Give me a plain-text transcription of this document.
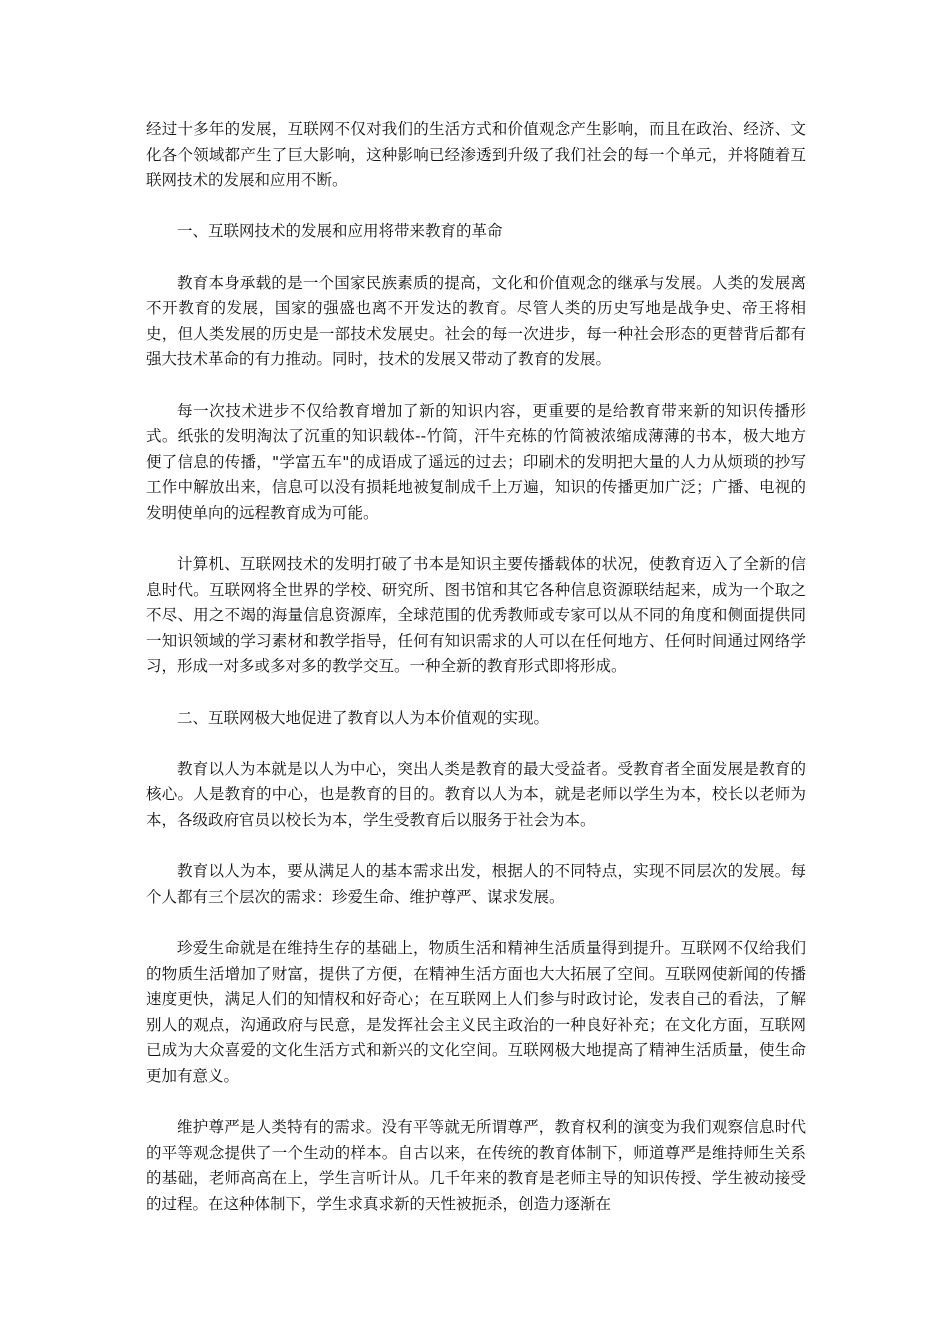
经过十多年的发展，互联网不仅对我们的生活方式和价值观念产生影响，而且在政治、经济、文化各个领域都产生了巨大影响，这种影响已经渗透到升级了我们社会的每一个单元，并将随着互联网技术的发展和应用不断。

一、互联网技术的发展和应用将带来教育的革命

教育本身承载的是一个国家民族素质的提高，文化和价值观念的继承与发展。人类的发展离不开教育的发展，国家的强盛也离不开发达的教育。尽管人类的历史写地是战争史、帝王将相史，但人类发展的历史是一部技术发展史。社会的每一次进步，每一种社会形态的更替背后都有强大技术革命的有力推动。同时，技术的发展又带动了教育的发展。

每一次技术进步不仅给教育增加了新的知识内容，更重要的是给教育带来新的知识传播形式。纸张的发明淘汰了沉重的知识载体--竹简，汗牛充栋的竹简被浓缩成薄薄的书本，极大地方便了信息的传播，"学富五车"的成语成了遥远的过去；印刷术的发明把大量的人力从烦琐的抄写工作中解放出来，信息可以没有损耗地被复制成千上万遍，知识的传播更加广泛；广播、电视的发明使单向的远程教育成为可能。

计算机、互联网技术的发明打破了书本是知识主要传播载体的状况，使教育迈入了全新的信息时代。互联网将全世界的学校、研究所、图书馆和其它各种信息资源联结起来，成为一个取之不尽、用之不竭的海量信息资源库，全球范围的优秀教师或专家可以从不同的角度和侧面提供同一知识领域的学习素材和教学指导，任何有知识需求的人可以在任何地方、任何时间通过网络学习，形成一对多或多对多的教学交互。一种全新的教育形式即将形成。

二、互联网极大地促进了教育以人为本价值观的实现。

教育以人为本就是以人为中心，突出人类是教育的最大受益者。受教育者全面发展是教育的核心。人是教育的中心，也是教育的目的。教育以人为本，就是老师以学生为本，校长以老师为本，各级政府官员以校长为本，学生受教育后以服务于社会为本。

教育以人为本，要从满足人的基本需求出发，根据人的不同特点，实现不同层次的发展。每个人都有三个层次的需求：珍爱生命、维护尊严、谋求发展。

珍爱生命就是在维持生存的基础上，物质生活和精神生活质量得到提升。互联网不仅给我们的物质生活增加了财富，提供了方便，在精神生活方面也大大拓展了空间。互联网使新闻的传播速度更快，满足人们的知情权和好奇心；在互联网上人们参与时政讨论，发表自己的看法，了解别人的观点，沟通政府与民意，是发挥社会主义民主政治的一种良好补充；在文化方面，互联网已成为大众喜爱的文化生活方式和新兴的文化空间。互联网极大地提高了精神生活质量，使生命更加有意义。

维护尊严是人类特有的需求。没有平等就无所谓尊严，教育权利的演变为我们观察信息时代的平等观念提供了一个生动的样本。自古以来，在传统的教育体制下，师道尊严是维持师生关系的基础，老师高高在上，学生言听计从。几千年来的教育是老师主导的知识传授、学生被动接受的过程。在这种体制下，学生求真求新的天性被扼杀，创造力逐渐在
